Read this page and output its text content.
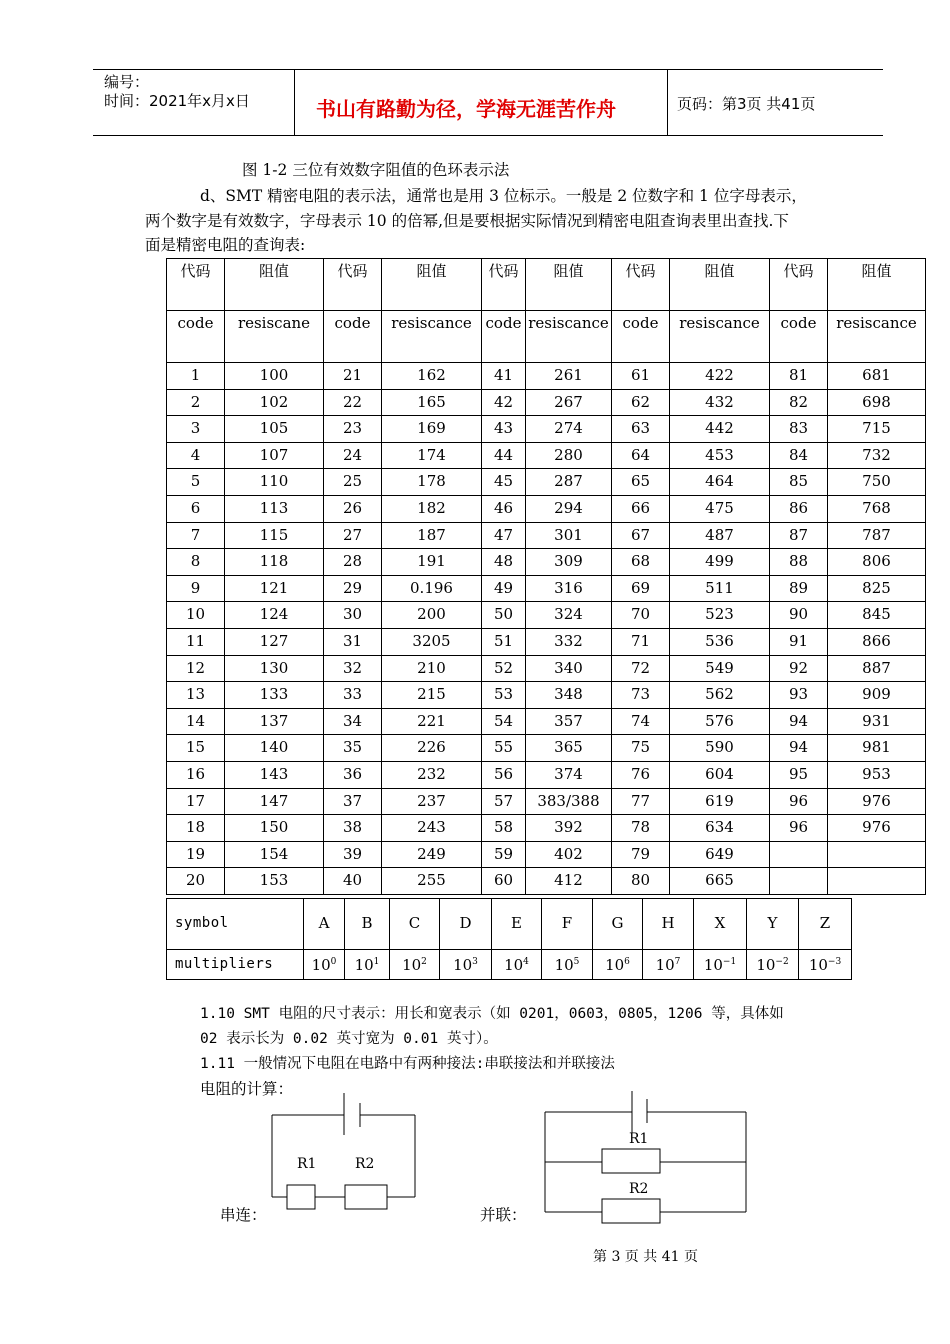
编号：
时间：2021年x月x日	书山有路勤为径，学海无涯苦作舟	页码：第3页 共41页
图 1-2 三位有效数字阻值的色环表示法
d、SMT 精密电阻的表示法，通常也是用 3 位标示。一般是 2 位数字和 1 位字母表示，
两个数字是有效数字，字母表示 10 的倍幂,但是要根据实际情况到精密电阻查询表里出查找.下
面是精密电阻的查询表:
代码	阻值	代码	阻值	代码	阻值	代码	阻值	代码	阻值
code	resiscane	code	resiscance	code	resiscance	code	resiscance	code	resiscance
1	100	21	162	41	261	61	422	81	681
2	102	22	165	42	267	62	432	82	698
3	105	23	169	43	274	63	442	83	715
4	107	24	174	44	280	64	453	84	732
5	110	25	178	45	287	65	464	85	750
6	113	26	182	46	294	66	475	86	768
7	115	27	187	47	301	67	487	87	787
8	118	28	191	48	309	68	499	88	806
9	121	29	0.196	49	316	69	511	89	825
10	124	30	200	50	324	70	523	90	845
11	127	31	3205	51	332	71	536	91	866
12	130	32	210	52	340	72	549	92	887
13	133	33	215	53	348	73	562	93	909
14	137	34	221	54	357	74	576	94	931
15	140	35	226	55	365	75	590	94	981
16	143	36	232	56	374	76	604	95	953
17	147	37	237	57	383/388	77	619	96	976
18	150	38	243	58	392	78	634	96	976
19	154	39	249	59	402	79	649		
20	153	40	255	60	412	80	665		
symbol	A	B	C	D	E	F	G	H	X	Y	Z
multipliers	$10^0$	$10^1$	$10^2$	$10^3$	$10^4$	$10^5$	$10^6$	$10^7$	$10^{-1}$	$10^{-2}$	$10^{-3}$
1.10 SMT 电阻的尺寸表示：用长和宽表示（如 0201，0603，0805，1206 等，具体如
02 表示长为 0.02 英寸宽为 0.01 英寸）。
1.11 一般情况下电阻在电路中有两种接法:串联接法和并联接法
电阻的计算：
R1	R2
串连：
R1
R2
并联：
第 3 页 共 41 页
